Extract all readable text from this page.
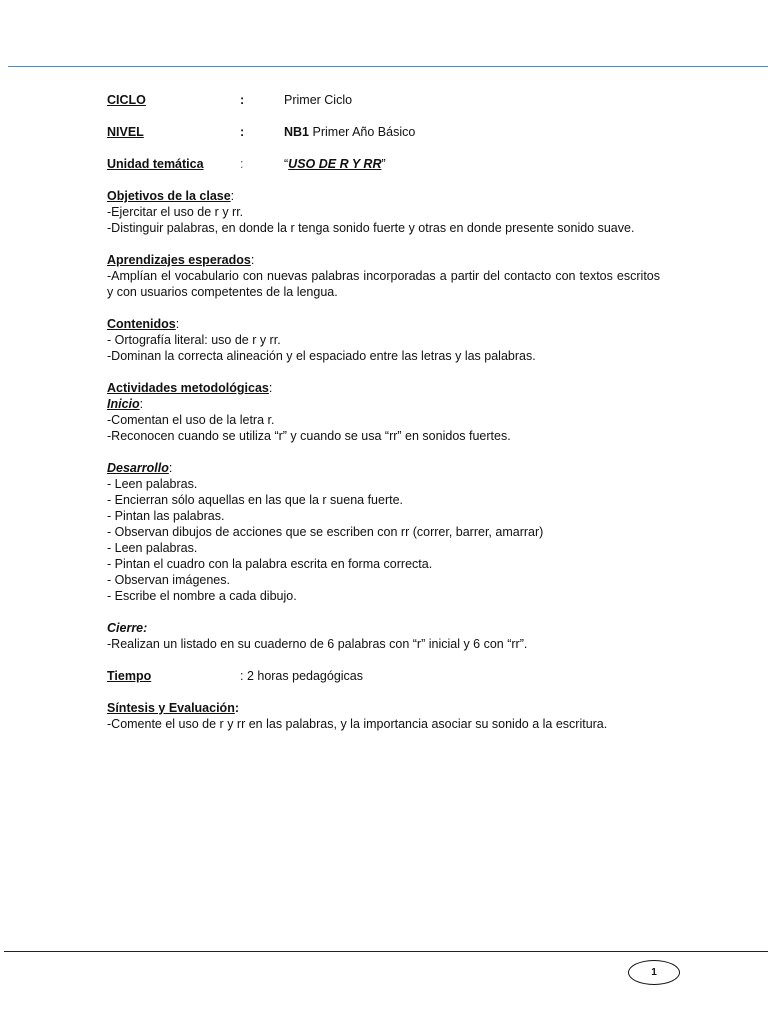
CICLO	:	Primer Ciclo
NIVEL	:	NB1 Primer Año Básico
Unidad temática	:	“USO DE R Y RR”
Objetivos de la clase:
-Ejercitar el uso de r y rr.
-Distinguir palabras, en donde la r tenga sonido fuerte y otras en donde presente sonido suave.
Aprendizajes esperados:
-Amplían el vocabulario con nuevas palabras incorporadas a partir del contacto con textos escritos y con usuarios competentes de la lengua.
Contenidos:
- Ortografía literal: uso de r y rr.
-Dominan la correcta alineación y el espaciado entre las letras y las palabras.
Actividades metodológicas:
Inicio:
-Comentan el uso de la letra r.
-Reconocen cuando se utiliza “r” y cuando se usa “rr” en sonidos fuertes.
Desarrollo:
- Leen palabras.
- Encierran sólo aquellas en las que la r suena fuerte.
- Pintan las palabras.
- Observan dibujos de acciones que se escriben con rr (correr, barrer, amarrar)
- Leen palabras.
- Pintan el cuadro con la palabra escrita en forma correcta.
- Observan imágenes.
- Escribe el nombre a cada dibujo.
Cierre:
-Realizan un listado en su cuaderno de 6 palabras con “r” inicial y 6 con “rr”.
Tiempo	: 2 horas pedagógicas
Síntesis y Evaluación:
-Comente el uso de r y rr en las palabras, y la importancia asociar su sonido a la escritura.
1
